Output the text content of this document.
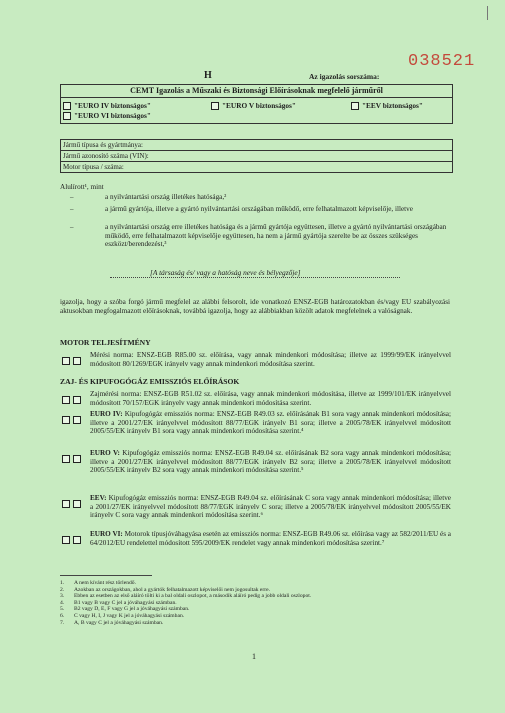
038521
H	Az igazolás sorszáma:
CEMT Igazolás a Műszaki és Biztonsági Előírásoknak megfelelő járműről
"EURO IV biztonságos"	"EURO V biztonságos"	"EEV biztonságos"
"EURO VI biztonságos"
Jármű típusa és gyártmánya:
Jármű azonosító száma (VIN):
Motor típusa / száma:
Alulírott¹, mint
–	a nyilvántartási ország illetékes hatósága,²
–	a jármű gyártója, illetve a gyártó nyilvántartási országában működő, erre felhatalmazott képviselője, illetve
–	a nyilvántartási ország erre illetékes hatósága és a jármű gyártója együttesen, illetve a gyártó nyilvántartási országában működő, erre felhatalmazott képviselője együttesen, ha nem a jármű gyártója szerelte be az összes szükséges eszközt/berendezést,³
[A társaság és/ vagy a hatóság neve és bélyegzője]
igazolja, hogy a szóba forgó jármű megfelel az alábbi felsorolt, ide vonatkozó ENSZ-EGB határozatokban és/vagy EU szabályozási aktusokban megfogalmazott előírásoknak, továbbá igazolja, hogy az alábbiakban közölt adatok megfelelnek a valóságnak.
MOTOR TELJESÍTMÉNY
Mérési norma: ENSZ-EGB R85.00 sz. előírása, vagy annak mindenkori módosítása; illetve az 1999/99/EK irányelvvel módosított 80/1269/EGK irányelv vagy annak mindenkori módosítása szerint.
ZAJ- ÉS KIPUFOGÓGÁZ EMISSZIÓS ELŐÍRÁSOK
Zajmérési norma: ENSZ-EGB R51.02 sz. előírása, vagy annak mindenkori módosítása, illetve az 1999/101/EK irányelvvel módosított 70/157/EGK irányelv vagy annak mindenkori módosítása szerint.
EURO IV: Kipufogógáz emissziós norma: ENSZ-EGB R49.03 sz. előírásának B1 sora vagy annak mindenkori módosítása; illetve a 2001/27/EK irányelvvel módosított 88/77/EGK irányelv B1 sora; illetve a 2005/78/EK irányelvvel módosított 2005/55/EK irányelv B1 sora vagy annak mindenkori módosítása szerint.⁴
EURO V: Kipufogógáz emissziós norma: ENSZ-EGB R49.04 sz. előírásának B2 sora vagy annak mindenkori módosítása; illetve a 2001/27/EK irányelvvel módosított 88/77/EGK irányelv B2 sora; illetve a 2005/78/EK irányelvvel módosított 2005/55/EK irányelv B2 sora vagy annak mindenkori módosítása szerint.⁵
EEV: Kipufogógáz emissziós norma: ENSZ-EGB R49.04 sz. előírásának C sora vagy annak mindenkori módosítása; illetve a 2001/27/EK irányelvvel módosított 88/77/EGK irányelv C sora; illetve a 2005/78/EK irányelvvel módosított 2005/55/EK irányelv C sora vagy annak mindenkori módosítása szerint.⁶
EURO VI: Motorok típusjóváhagyása esetén az emissziós norma: ENSZ-EGB R49.06 sz. előírása vagy az 582/2011/EU és a 64/2012/EU rendelettel módosított 595/2009/EK rendelet vagy annak mindenkori módosítása szerint.⁷
1. A nem kívánt rész törlendő.
2. Azokban az országokban, ahol a gyártók felhatalmazott képviselői nem jogosultak erre.
3. Ebben az esetben az első aláíró tölti ki a bal oldali oszlopot, a második aláíró pedig a jobb oldali oszlopot.
4. B1 vagy B vagy C jel a jóváhagyási számban.
5. B2 vagy D, E, F vagy G jel a jóváhagyási számban.
6. C vagy H, I, J vagy K jel a jóváhagyási számban.
7. A, B vagy C jel a jóváhagyási számban.
1
